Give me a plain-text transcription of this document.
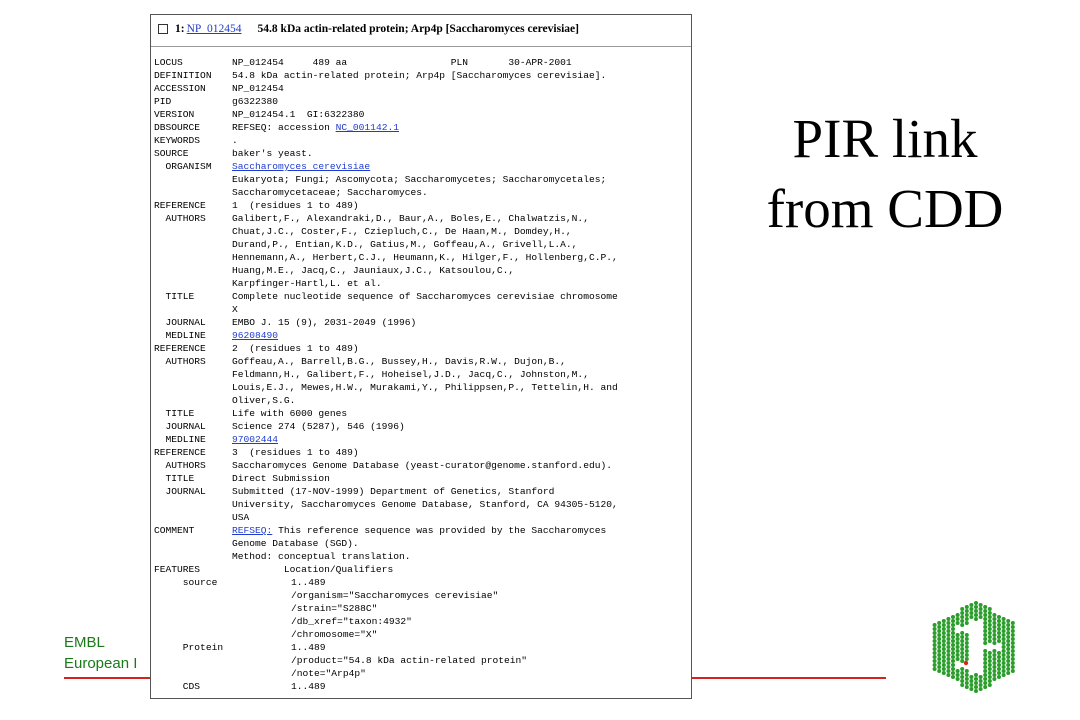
PIR link
from CDD
EMBL
European I
1 : NP_012454 54.8 kDa actin-related protein; Arp4p [Saccharomyces cerevisiae]
LOCUS	NP_012454     489 aa                  PLN       30-APR-2001
DEFINITION 54.8 kDa actin-related protein; Arp4p [Saccharomyces cerevisiae].
ACCESSION	NP_012454
PID	g6322380
VERSION	NP_012454.1  GI:6322380
DBSOURCE	REFSEQ: accession NC_001142.1
KEYWORDS	.
SOURCE	baker's yeast.
ORGANISM Saccharomyces cerevisiae
Eukaryota; Fungi; Ascomycota; Saccharomycetes; Saccharomycetales;
Saccharomycetaceae; Saccharomyces.
REFERENCE	1  (residues 1 to 489)
AUTHORS	Galibert,F., Alexandraki,D., Baur,A., Boles,E., Chalwatzis,N.,
Chuat,J.C., Coster,F., Cziepluch,C., De Haan,M., Domdey,H.,
Durand,P., Entian,K.D., Gatius,M., Goffeau,A., Grivell,L.A.,
Hennemann,A., Herbert,C.J., Heumann,K., Hilger,F., Hollenberg,C.P.,
Huang,M.E., Jacq,C., Jauniaux,J.C., Katsoulou,C.,
Karpfinger-Hartl,L. et al.
TITLE	Complete nucleotide sequence of Saccharomyces cerevisiae chromosome
X
JOURNAL	EMBO J. 15 (9), 2031-2049 (1996)
MEDLINE	96208490
REFERENCE	2  (residues 1 to 489)
AUTHORS	Goffeau,A., Barrell,B.G., Bussey,H., Davis,R.W., Dujon,B.,
Feldmann,H., Galibert,F., Hoheisel,J.D., Jacq,C., Johnston,M.,
Louis,E.J., Mewes,H.W., Murakami,Y., Philippsen,P., Tettelin,H. and
Oliver,S.G.
TITLE	Life with 6000 genes
JOURNAL	Science 274 (5287), 546 (1996)
MEDLINE	97002444
REFERENCE	3  (residues 1 to 489)
AUTHORS	Saccharomyces Genome Database (yeast-curator@genome.stanford.edu).
TITLE	Direct Submission
JOURNAL	Submitted (17-NOV-1999) Department of Genetics, Stanford
University, Saccharomyces Genome Database, Stanford, CA 94305-5120,
USA
COMMENT	REFSEQ: This reference sequence was provided by the Saccharomyces
Genome Database (SGD).
Method: conceptual translation.
FEATURES	Location/Qualifiers
source	1..489
/organism="Saccharomyces cerevisiae"
/strain="S288C"
/db_xref="taxon:4932"
/chromosome="X"
Protein	1..489
/product="54.8 kDa actin-related protein"
/note="Arp4p"
CDS	1..489
